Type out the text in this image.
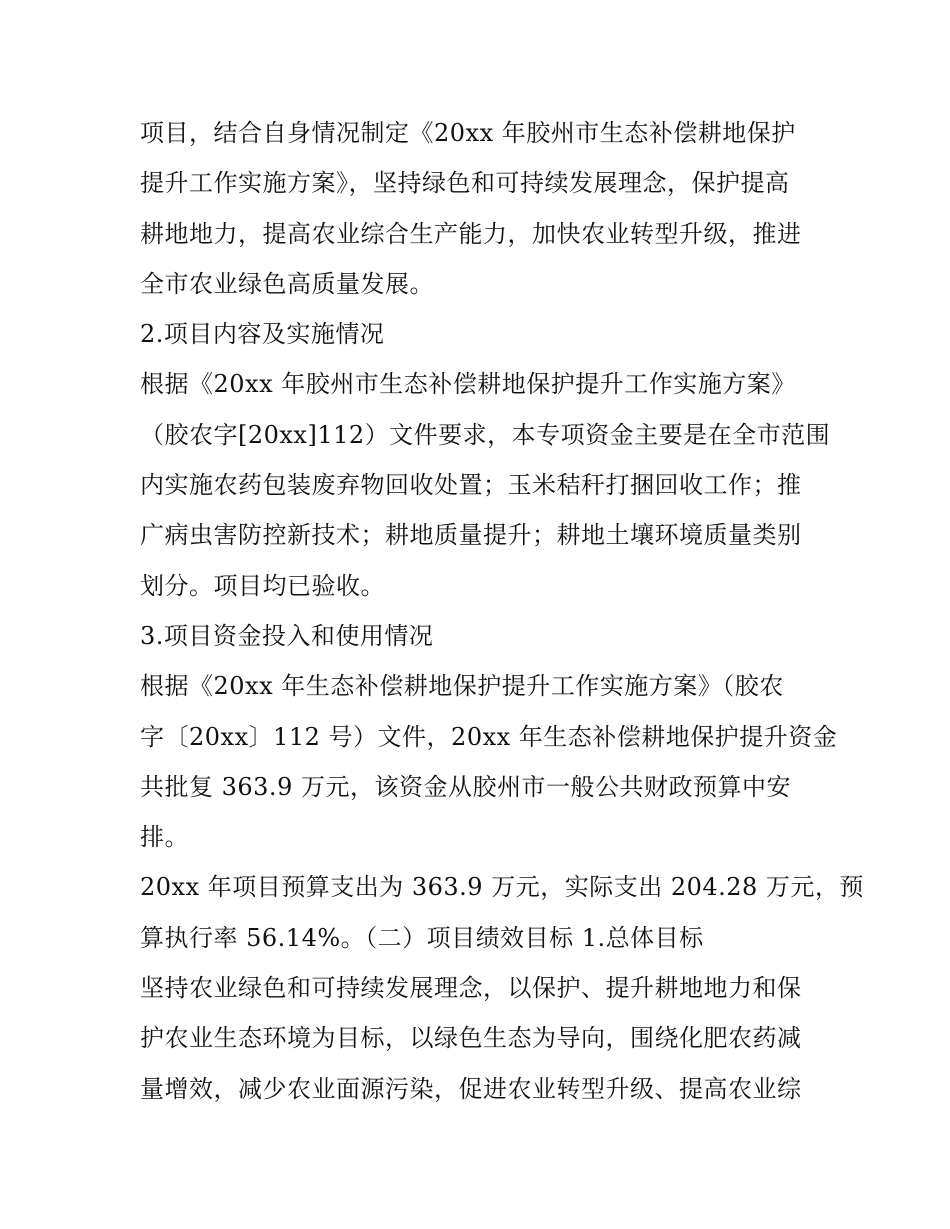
项目，结合自身情况制定《20xx 年胶州市生态补偿耕地保护
提升工作实施方案》，坚持绿色和可持续发展理念，保护提高
耕地地力，提高农业综合生产能力，加快农业转型升级，推进
全市农业绿色高质量发展。
2.项目内容及实施情况
根据《20xx 年胶州市生态补偿耕地保护提升工作实施方案》
（胶农字[20xx]112）文件要求，本专项资金主要是在全市范围
内实施农药包装废弃物回收处置；玉米秸秆打捆回收工作；推
广病虫害防控新技术；耕地质量提升；耕地土壤环境质量类别
划分。项目均已验收。
3.项目资金投入和使用情况
根据《20xx 年生态补偿耕地保护提升工作实施方案》（胶农
字〔20xx〕112 号）文件，20xx 年生态补偿耕地保护提升资金
共批复 363.9 万元，该资金从胶州市一般公共财政预算中安
排。
20xx 年项目预算支出为 363.9 万元，实际支出 204.28 万元，预
算执行率 56.14%。（二）项目绩效目标 1.总体目标
坚持农业绿色和可持续发展理念，以保护、提升耕地地力和保
护农业生态环境为目标，以绿色生态为导向，围绕化肥农药减
量增效，减少农业面源污染，促进农业转型升级、提高农业综
